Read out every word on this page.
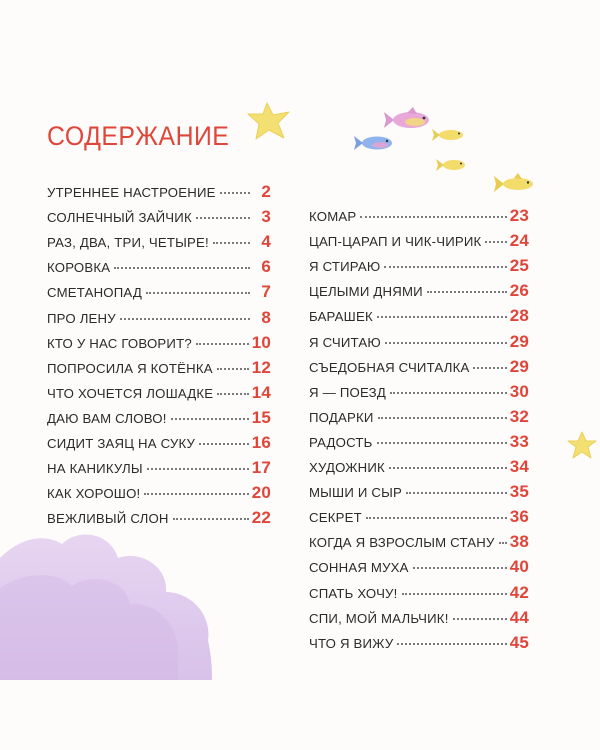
СОДЕРЖАНИЕ
УТРЕННЕЕ НАСТРОЕНИЕ	2
СОЛНЕЧНЫЙ ЗАЙЧИК	3
РАЗ, ДВА, ТРИ, ЧЕТЫРЕ!	4
КОРОВКА	6
СМЕТАНОПАД	7
ПРО ЛЕНУ	8
КТО У НАС ГОВОРИТ?	10
ПОПРОСИЛА Я КОТЁНКА 12
ЧТО ХОЧЕТСЯ ЛОШАДКЕ 14
ДАЮ ВАМ СЛОВО!	15
СИДИТ ЗАЯЦ НА СУКУ	16
НА КАНИКУЛЫ	17
КАК ХОРОШО!	20
ВЕЖЛИВЫЙ СЛОН	22
КОМАР	23
ЦАП-ЦАРАП И ЧИК-ЧИРИК 24
Я СТИРАЮ	25
ЦЕЛЫМИ ДНЯМИ	26
БАРАШЕК	28
Я СЧИТАЮ	29
СЪЕДОБНАЯ СЧИТАЛКА 29
Я — ПОЕЗД	30
ПОДАРКИ	32
РАДОСТЬ	33
ХУДОЖНИК	34
МЫШИ И СЫР	35
СЕКРЕТ	36
КОГДА Я ВЗРОСЛЫМ СТАНУ 38
СОННАЯ МУХА	40
СПАТЬ ХОЧУ!	42
СПИ, МОЙ МАЛЬЧИК!	44
ЧТО Я ВИЖУ	45
